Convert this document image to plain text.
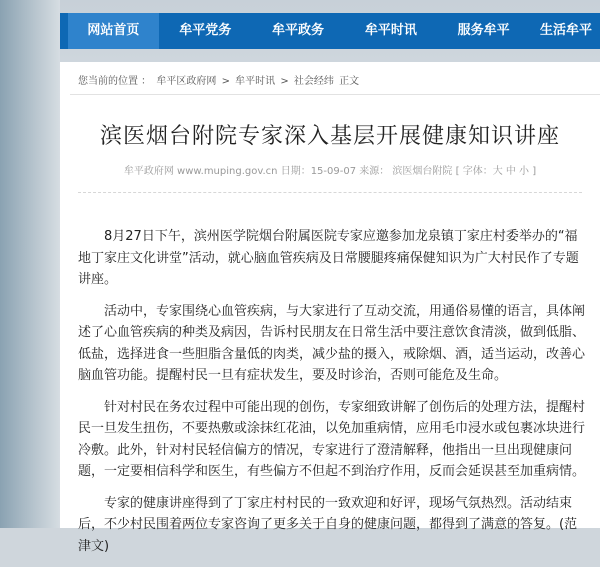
网站首页	牟平党务	牟平政务	牟平时讯	服务牟平	生活牟平
您当前的位置 ： 牟平区政府网 > 牟平时讯 > 社会经纬 正文
滨医烟台附院专家深入基层开展健康知识讲座
牟平政府网 www.muping.gov.cn 日期：15-09-07 来源： 滨医烟台附院 [ 字体：大 中 小 ]

8月27日下午，滨州医学院烟台附属医院专家应邀参加龙泉镇丁家庄村委举办的“福地丁家庄文化讲堂”活动，就心脑血管疾病及日常腰腿疼痛保健知识为广大村民作了专题讲座。

活动中，专家围绕心血管疾病，与大家进行了互动交流，用通俗易懂的语言，具体阐述了心血管疾病的种类及病因，告诉村民朋友在日常生活中要注意饮食清淡，做到低脂、低盐，选择进食一些胆脂含量低的肉类，减少盐的摄入，戒除烟、酒，适当运动，改善心脑血管功能。提醒村民一旦有症状发生，要及时诊治，否则可能危及生命。

针对村民在务农过程中可能出现的创伤，专家细致讲解了创伤后的处理方法，提醒村民一旦发生扭伤，不要热敷或涂抹红花油，以免加重病情，应用毛巾浸水或包裹冰块进行冷敷。此外，针对村民轻信偏方的情况，专家进行了澄清解释，他指出一旦出现健康问题，一定要相信科学和医生，有些偏方不但起不到治疗作用，反而会延误甚至加重病情。

专家的健康讲座得到了丁家庄村村民的一致欢迎和好评，现场气氛热烈。活动结束后，不少村民围着两位专家咨询了更多关于自身的健康问题，都得到了满意的答复。(范津文)
